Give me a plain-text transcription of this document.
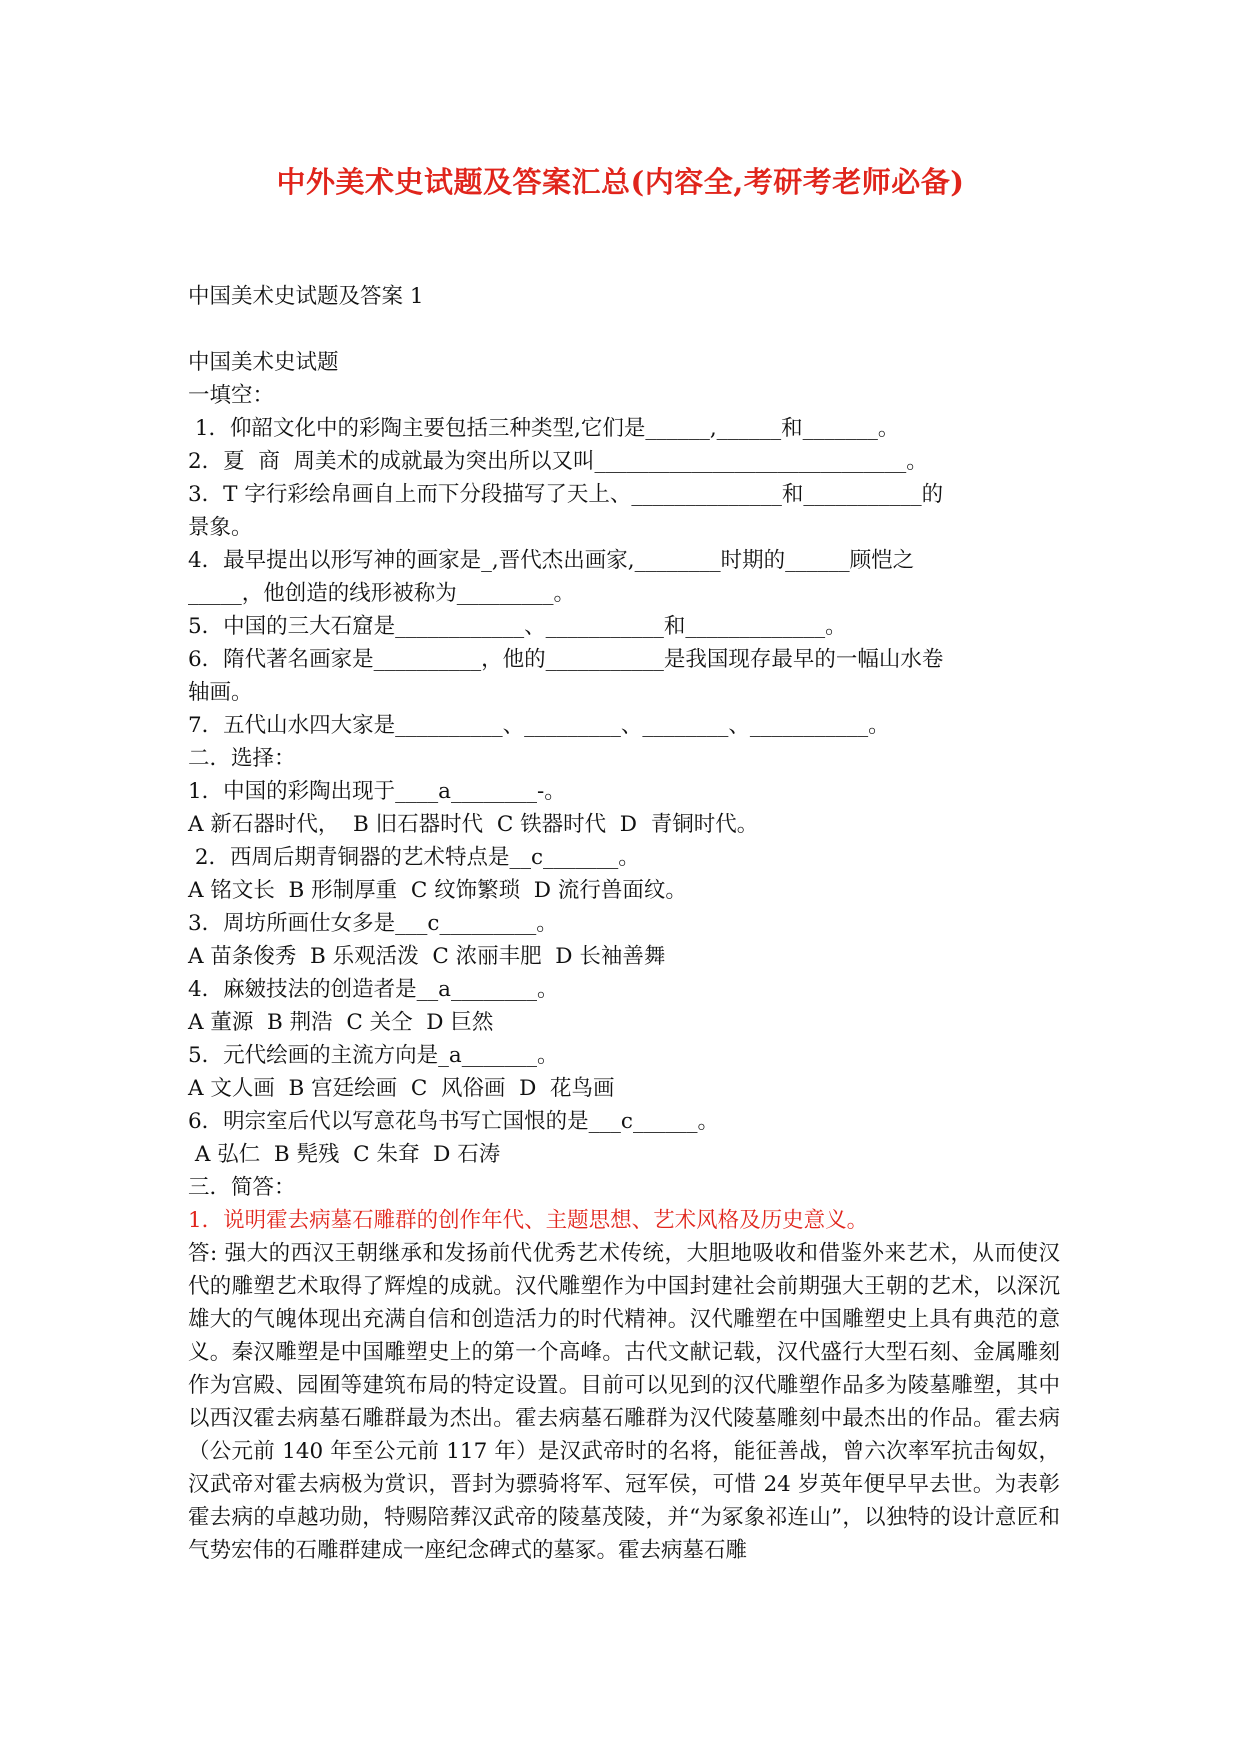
中外美术史试题及答案汇总(内容全,考研考老师必备)
中国美术史试题及答案 1
中国美术史试题
一填空：
1．仰韶文化中的彩陶主要包括三种类型,它们是______,______和_______。
2．夏  商  周美术的成就最为突出所以又叫_____________________________。
3．T 字行彩绘帛画自上而下分段描写了天上、______________和___________的
景象。
4．最早提出以形写神的画家是_,晋代杰出画家,________时期的______顾恺之
_____，他创造的线形被称为_________。
5．中国的三大石窟是____________、___________和_____________。
6．隋代著名画家是__________，他的___________是我国现存最早的一幅山水卷
轴画。
7．五代山水四大家是__________、_________、________、___________。
二．选择：
1．中国的彩陶出现于____a________-。
A 新石器时代，  B 旧石器时代  C 铁器时代  D  青铜时代。
2．西周后期青铜器的艺术特点是__c_______。
A 铭文长  B 形制厚重  C 纹饰繁琐  D 流行兽面纹。
3．周坊所画仕女多是___c_________。
A 苗条俊秀  B 乐观活泼  C 浓丽丰肥  D 长袖善舞
4．麻皴技法的创造者是__a________。
A 董源  B 荆浩  C 关仝  D 巨然
5．元代绘画的主流方向是_a_______。
A 文人画  B 宫廷绘画  C  风俗画  D  花鸟画
6．明宗室后代以写意花鸟书写亡国恨的是___c______。
A 弘仁  B 髡残  C 朱耷  D 石涛
三．简答：
1．说明霍去病墓石雕群的创作年代、主题思想、艺术风格及历史意义。

答: 强大的西汉王朝继承和发扬前代优秀艺术传统，大胆地吸收和借鉴外来艺术，从而使汉代的雕塑艺术取得了辉煌的成就。汉代雕塑作为中国封建社会前期强大王朝的艺术，以深沉雄大的气魄体现出充满自信和创造活力的时代精神。汉代雕塑在中国雕塑史上具有典范的意义。秦汉雕塑是中国雕塑史上的第一个高峰。古代文献记载，汉代盛行大型石刻、金属雕刻作为宫殿、园囿等建筑布局的特定设置。目前可以见到的汉代雕塑作品多为陵墓雕塑，其中以西汉霍去病墓石雕群最为杰出。霍去病墓石雕群为汉代陵墓雕刻中最杰出的作品。霍去病（公元前 140 年至公元前 117 年）是汉武帝时的名将，能征善战，曾六次率军抗击匈奴， 汉武帝对霍去病极为赏识，晋封为骠骑将军、冠军侯，可惜 24 岁英年便早早去世。为表彰霍去病的卓越功勋，特赐陪葬汉武帝的陵墓茂陵，并“为冢象祁连山”，以独特的设计意匠和气势宏伟的石雕群建成一座纪念碑式的墓冢。霍去病墓石雕
